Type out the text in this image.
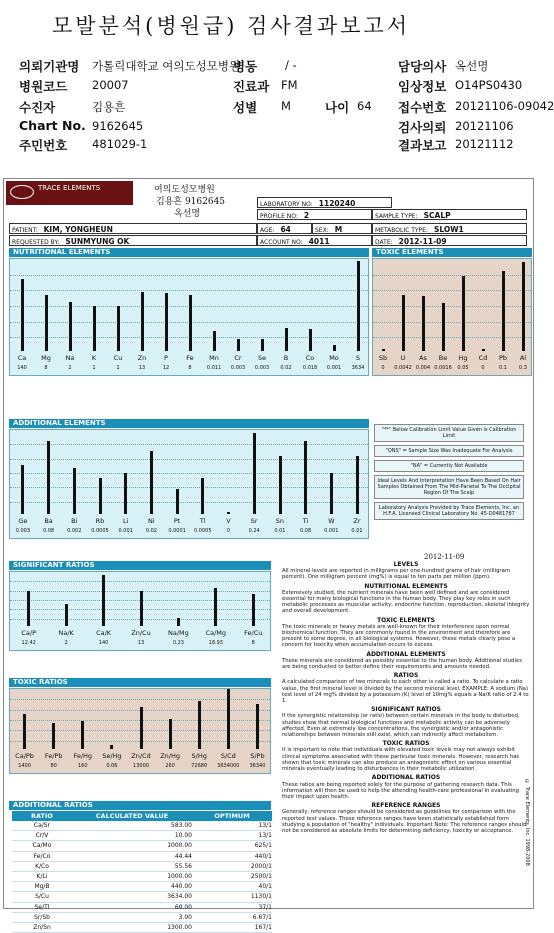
모발분석(병원급) 검사결과보고서
의뢰기관명 가톨릭대학교 여의도성모병원
병원코드 20007
수진자	김용흔
Chart No. 9162645
주민번호 481029-1
병동 / -
진료과 FM
성별 M	나이 64
담당의사 옥선명
임상정보 O14PS0430
접수번호 20121106-09042
검사의뢰 20121106
결과보고 20121112
TRACE ELEMENTS	여의도성모병원
김용흔 9162645
옥선명
LABORATORY NO: 1120240
PROFILE NO: 2	SAMPLE TYPE: SCALP
PATIENT: KIM, YONGHEUN	AGE: 64	SEX: M	METABOLIC TYPE: SLOW1
REQUESTED BY: SUNMYUNG OK	ACCOUNT NO: 4011	DATE: 2012-11-09
NUTRITIONAL ELEMENTS	TOXIC ELEMENTS
ADDITIONAL ELEMENTS
SIGNIFICANT RATIOS
TOXIC RATIOS
ADDITIONAL RATIOS
2012-11-09
"**" Below Calibration Limit Value Given is Calibration Limit
"QNS" = Sample Size Was Inadequate For Analysis
"NA" = Currently Not Available
Ideal Levels And Interpretation Have Been Based On Hair Samples Obtained From The Mid-Parietal To The Occipital Region Of The Scalp
Laboratory Analysis Provided by Trace Elements, Inc. an H.F.A. Licensed Clinical Laboratory No. 45-D0481787
LEVELS

All mineral levels are reported in milligrams per one-hundred grams of hair (milligram percent). One milligram percent (mg%) is equal to ten parts per million (ppm).

NUTRITIONAL ELEMENTS

Extensively studied, the nutrient minerals have been well defined and are considered essential for many biological functions in the human body. They play key roles in such metabolic processes as muscular activity, endocrine function, reproduction, skeletal integrity and overall development.

TOXIC ELEMENTS

The toxic minerals or heavy metals are well-known for their interference upon normal biochemical function. They are commonly found in the environment and therefore are present to some degree, in all biological systems. However, these metals clearly pose a concern for toxicity when accumulation occurs to excess.

ADDITIONAL ELEMENTS

These minerals are considered as possibly essential to the human body. Additional studies are being conducted to better define their requirements and amounts needed.

RATIOS

A calculated comparison of two minerals to each other is called a ratio. To calculate a ratio value, the first mineral level is divided by the second mineral level. EXAMPLE: A sodium (Na) test level of 24 mg% divided by a potassium (K) level of 10mg% equals a Na/K ratio of 2.4 to 1.

SIGNIFICANT RATIOS

If the synergistic relationship (or ratio) between certain minerals in the body is disturbed, studies show that normal biological functions and metabolic activity can be adversely affected. Even at extremely low concentrations, the synergistic and/or antagonistic relationships between minerals still exist, which can indirectly affect metabolism.

TOXIC RATIOS

It is important to note that individuals with elevated toxic levels may not always exhibit clinical symptoms associated with these particular toxic minerals. However, research has shown that toxic minerals can also produce an antagonistic effect on various essential minerals eventually leading to disturbances in their metabolic utilization.

ADDITIONAL RATIOS

These ratios are being reported solely for the purpose of gathering research data. This information will then be used to help the attending health-care professional in evaluating their impact upon health.

REFERENCE RANGES

Generally, reference ranges should be considered as guidelines for comparison with the reported test values. These reference ranges have been statistically established form studying a population of "healthy" individuals. Important Note: The reference ranges should not be considered as absolute limits for determining deficiency, toxicity or acceptance.

RATIO	CALCULATED VALUE	OPTIMUM
Ca/Sr	583.00	13/1
Cr/V	10.00	13/1
Ca/Mo	1000.00	625/1
Fe/Co	44.44	440/1
K/Co	55.56	2000/1
K/Li	1000.00	2500/1
Mg/B	440.00	40/1
S/Cu	3634.00	1130/1
Se/Tl	60.00	37/1
Sr/Sb	3.00	6.67/1
Zn/Sn	1300.00	167/1
© Trace Elements, Inc. 1998-2008
Ca	Mg	Na	K	Cu	Zn	P	Fe	Mn	Cr	Se	B	Co	Mo	S
140	8	2	1	1	13	12	8	0.011	0.003	0.003	0.02	0.018	0.001	3634
Sb	U	As	Be	Hg	Cd	Pb	Al
0	0.0042 0.004 0.0016	0.05	0	0.1	0.3
Ge	Ba	Bi	Rb	Li	Ni	Pt	Tl	V	Sr	Sn	Ti	W	Zr
0.003	0.08	0.002	0.0005	0.001	0.02	0.0001	0.0005	0	0.24	0.01	0.08	0.001	0.01
Ca/P	Na/K	Ca/K	Zn/Cu	Na/Mg	Ca/Mg	Fe/Cu
12.42	2	140	13	0.23	18.93	8
Ca/Pb	Fe/Pb	Fe/Hg	Se/Hg	Zn/Cd	Zn/Hg	S/Hg	S/Cd	S/Pb
1400	80	160	0.06	13000	260	72680	3634000	36340
